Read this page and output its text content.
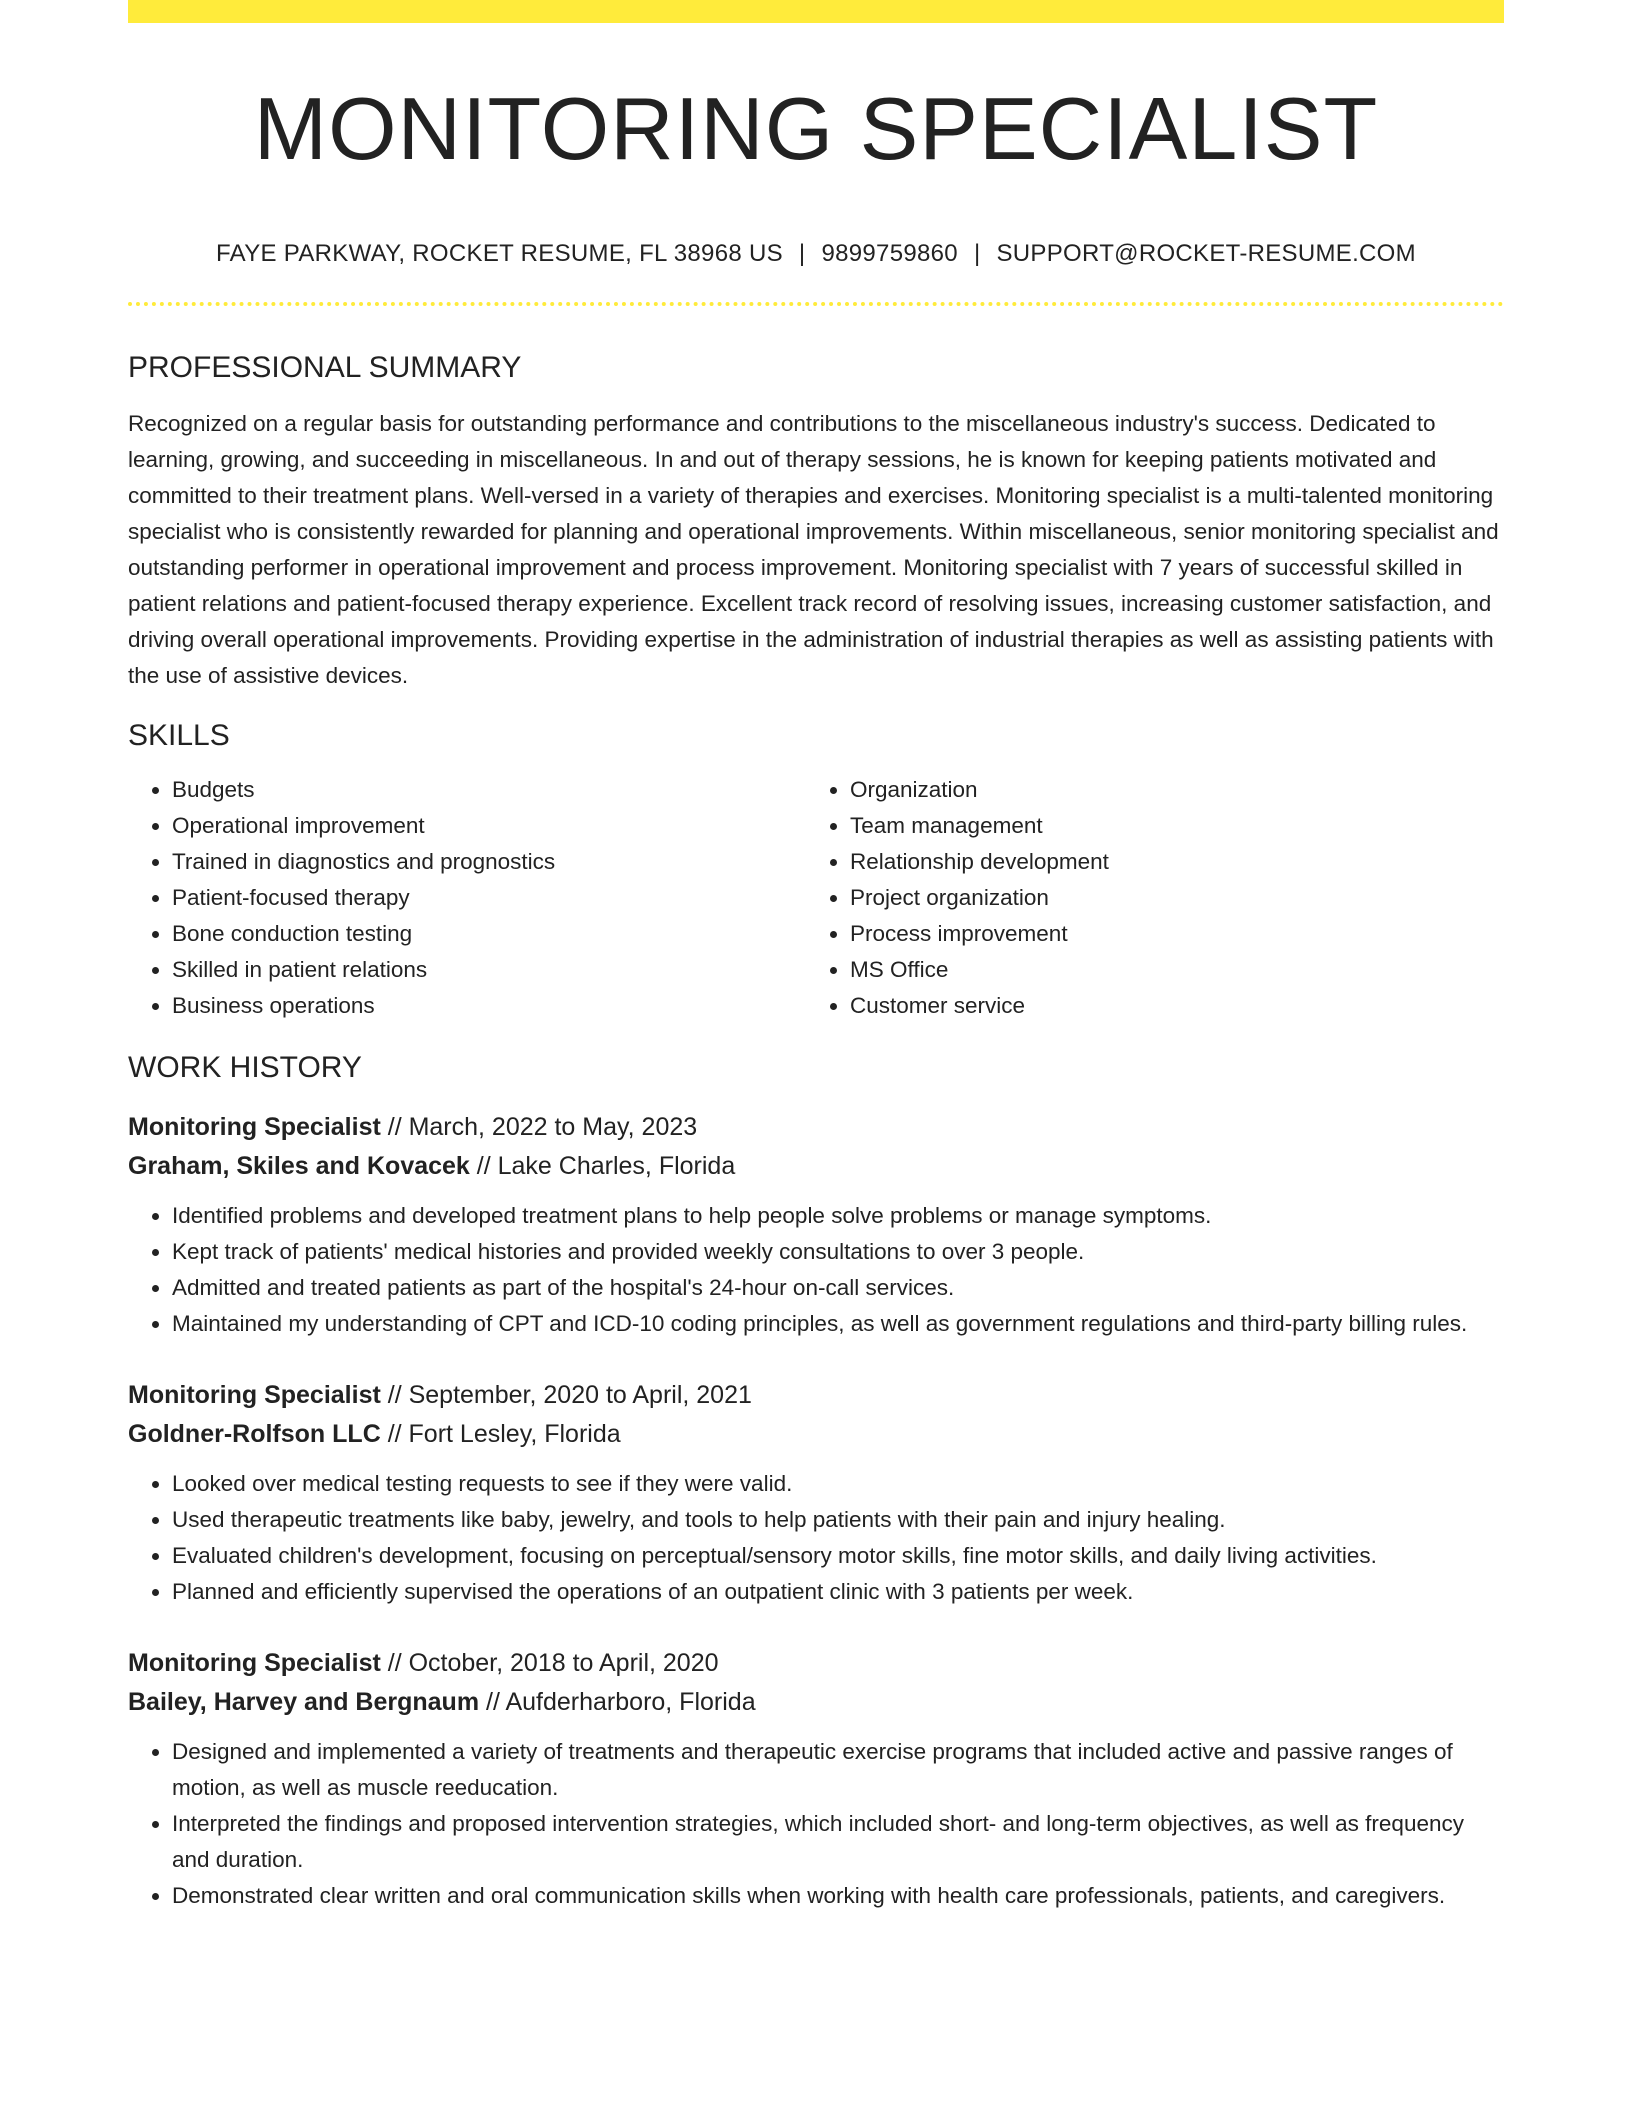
MONITORING SPECIALIST
FAYE PARKWAY, ROCKET RESUME, FL 38968 US | 9899759860 | SUPPORT@ROCKET-RESUME.COM
PROFESSIONAL SUMMARY

Recognized on a regular basis for outstanding performance and contributions to the miscellaneous industry's success. Dedicated to learning, growing, and succeeding in miscellaneous. In and out of therapy sessions, he is known for keeping patients motivated and committed to their treatment plans. Well-versed in a variety of therapies and exercises. Monitoring specialist is a multi-talented monitoring specialist who is consistently rewarded for planning and operational improvements. Within miscellaneous, senior monitoring specialist and outstanding performer in operational improvement and process improvement. Monitoring specialist with 7 years of successful skilled in patient relations and patient-focused therapy experience. Excellent track record of resolving issues, increasing customer satisfaction, and driving overall operational improvements. Providing expertise in the administration of industrial therapies as well as assisting patients with the use of assistive devices.

SKILLS
• Budgets
• Operational improvement
• Trained in diagnostics and prognostics
• Patient-focused therapy
• Bone conduction testing
• Skilled in patient relations
• Business operations
• Organization
• Team management
• Relationship development
• Project organization
• Process improvement
• MS Office
• Customer service
WORK HISTORY
Monitoring Specialist // March, 2022 to May, 2023
Graham, Skiles and Kovacek // Lake Charles, Florida
• Identified problems and developed treatment plans to help people solve problems or manage symptoms.
• Kept track of patients' medical histories and provided weekly consultations to over 3 people.
• Admitted and treated patients as part of the hospital's 24-hour on-call services.
• Maintained my understanding of CPT and ICD-10 coding principles, as well as government regulations and third-party billing rules.
Monitoring Specialist // September, 2020 to April, 2021
Goldner-Rolfson LLC // Fort Lesley, Florida
• Looked over medical testing requests to see if they were valid.
• Used therapeutic treatments like baby, jewelry, and tools to help patients with their pain and injury healing.
• Evaluated children's development, focusing on perceptual/sensory motor skills, fine motor skills, and daily living activities.
• Planned and efficiently supervised the operations of an outpatient clinic with 3 patients per week.
Monitoring Specialist // October, 2018 to April, 2020
Bailey, Harvey and Bergnaum // Aufderharboro, Florida
• Designed and implemented a variety of treatments and therapeutic exercise programs that included active and passive ranges of motion, as well as muscle reeducation.
• Interpreted the findings and proposed intervention strategies, which included short- and long-term objectives, as well as frequency and duration.
• Demonstrated clear written and oral communication skills when working with health care professionals, patients, and caregivers.
